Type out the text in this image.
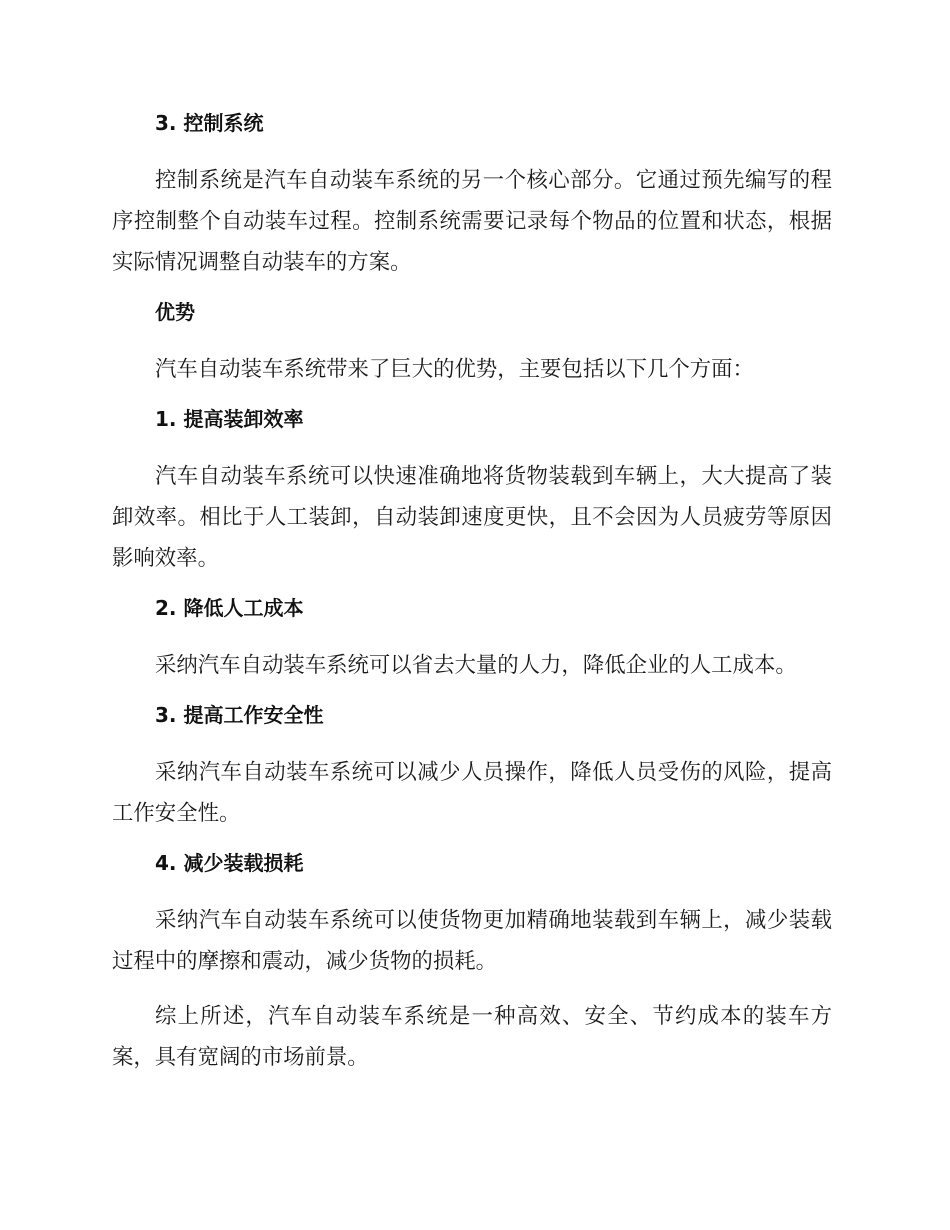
3. 控制系统

控制系统是汽车自动装车系统的另一个核心部分。它通过预先编写的程序控制整个自动装车过程。控制系统需要记录每个物品的位置和状态，根据实际情况调整自动装车的方案。

优势

汽车自动装车系统带来了巨大的优势，主要包括以下几个方面：

1. 提高装卸效率

汽车自动装车系统可以快速准确地将货物装载到车辆上，大大提高了装卸效率。相比于人工装卸，自动装卸速度更快，且不会因为人员疲劳等原因影响效率。

2. 降低人工成本

采纳汽车自动装车系统可以省去大量的人力，降低企业的人工成本。

3. 提高工作安全性

采纳汽车自动装车系统可以减少人员操作，降低人员受伤的风险，提高工作安全性。

4. 减少装载损耗

采纳汽车自动装车系统可以使货物更加精确地装载到车辆上，减少装载过程中的摩擦和震动，减少货物的损耗。

综上所述，汽车自动装车系统是一种高效、安全、节约成本的装车方案，具有宽阔的市场前景。
